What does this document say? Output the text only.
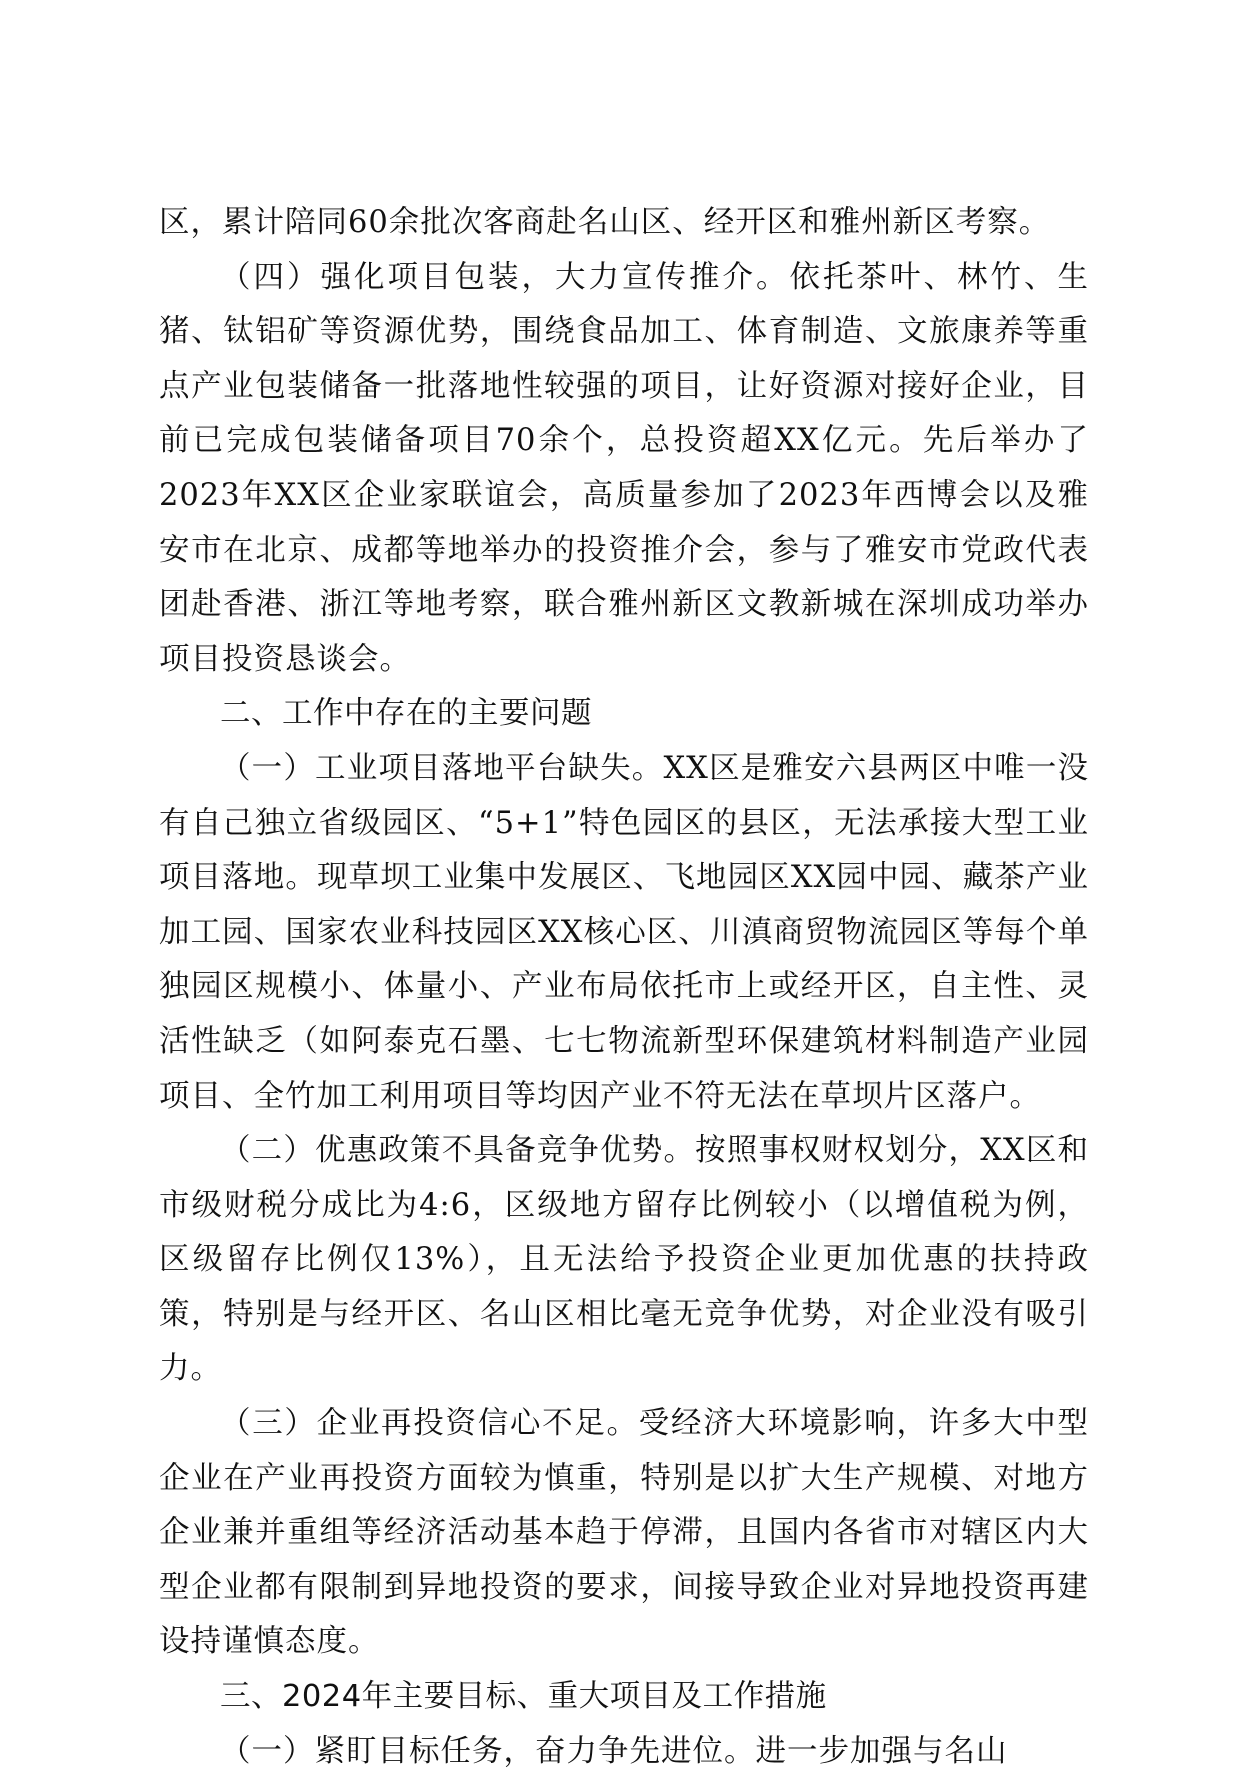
区，累计陪同60余批次客商赴名山区、经开区和雅州新区考察。

（四）强化项目包装，大力宣传推介。依托茶叶、林竹、生猪、钛铝矿等资源优势，围绕食品加工、体育制造、文旅康养等重点产业包装储备一批落地性较强的项目，让好资源对接好企业，目前已完成包装储备项目70余个，总投资超XX亿元。先后举办了2023年XX区企业家联谊会，高质量参加了2023年西博会以及雅安市在北京、成都等地举办的投资推介会，参与了雅安市党政代表团赴香港、浙江等地考察，联合雅州新区文教新城在深圳成功举办项目投资恳谈会。

二、工作中存在的主要问题

（一）工业项目落地平台缺失。XX区是雅安六县两区中唯一没有自己独立省级园区、“5+1”特色园区的县区，无法承接大型工业项目落地。现草坝工业集中发展区、飞地园区XX园中园、藏茶产业加工园、国家农业科技园区XX核心区、川滇商贸物流园区等每个单独园区规模小、体量小、产业布局依托市上或经开区，自主性、灵活性缺乏（如阿泰克石墨、七七物流新型环保建筑材料制造产业园项目、全竹加工利用项目等均因产业不符无法在草坝片区落户。

（二）优惠政策不具备竞争优势。按照事权财权划分，XX区和市级财税分成比为4:6，区级地方留存比例较小（以增值税为例，区级留存比例仅13%），且无法给予投资企业更加优惠的扶持政策，特别是与经开区、名山区相比毫无竞争优势，对企业没有吸引力。

（三）企业再投资信心不足。受经济大环境影响，许多大中型企业在产业再投资方面较为慎重，特别是以扩大生产规模、对地方企业兼并重组等经济活动基本趋于停滞，且国内各省市对辖区内大型企业都有限制到异地投资的要求，间接导致企业对异地投资再建设持谨慎态度。

三、2024年主要目标、重大项目及工作措施

（一）紧盯目标任务，奋力争先进位。进一步加强与名山
